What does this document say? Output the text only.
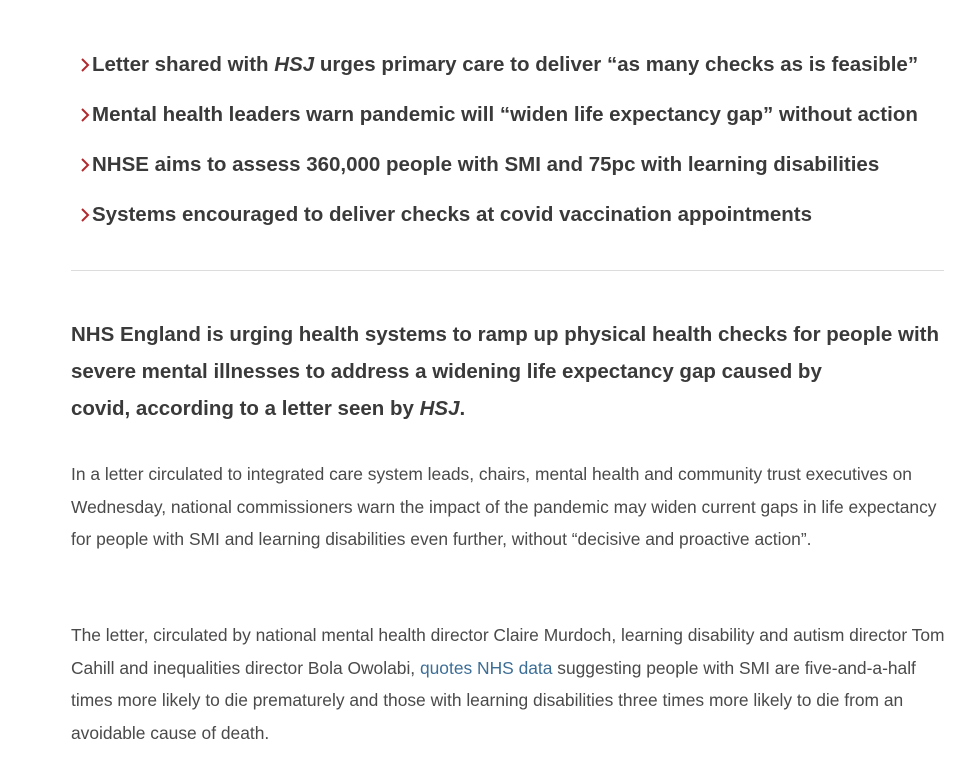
Letter shared with HSJ urges primary care to deliver “as many checks as is feasible”
Mental health leaders warn pandemic will “widen life expectancy gap” without action
NHSE aims to assess 360,000 people with SMI and 75pc with learning disabilities
Systems encouraged to deliver checks at covid vaccination appointments

NHS England is urging health systems to ramp up physical health checks for people with
severe mental illnesses to address a widening life expectancy gap caused by
covid, according to a letter seen by HSJ.

In a letter circulated to integrated care system leads, chairs, mental health and community trust executives on Wednesday, national commissioners warn the impact of the pandemic may widen current gaps in life expectancy for people with SMI and learning disabilities even further, without “decisive and proactive action”.

The letter, circulated by national mental health director Claire Murdoch, learning disability and autism director Tom Cahill and inequalities director Bola Owolabi, quotes NHS data suggesting people with SMI are five-and-a-half times more likely to die prematurely and those with learning disabilities three times more likely to die from an avoidable cause of death.
